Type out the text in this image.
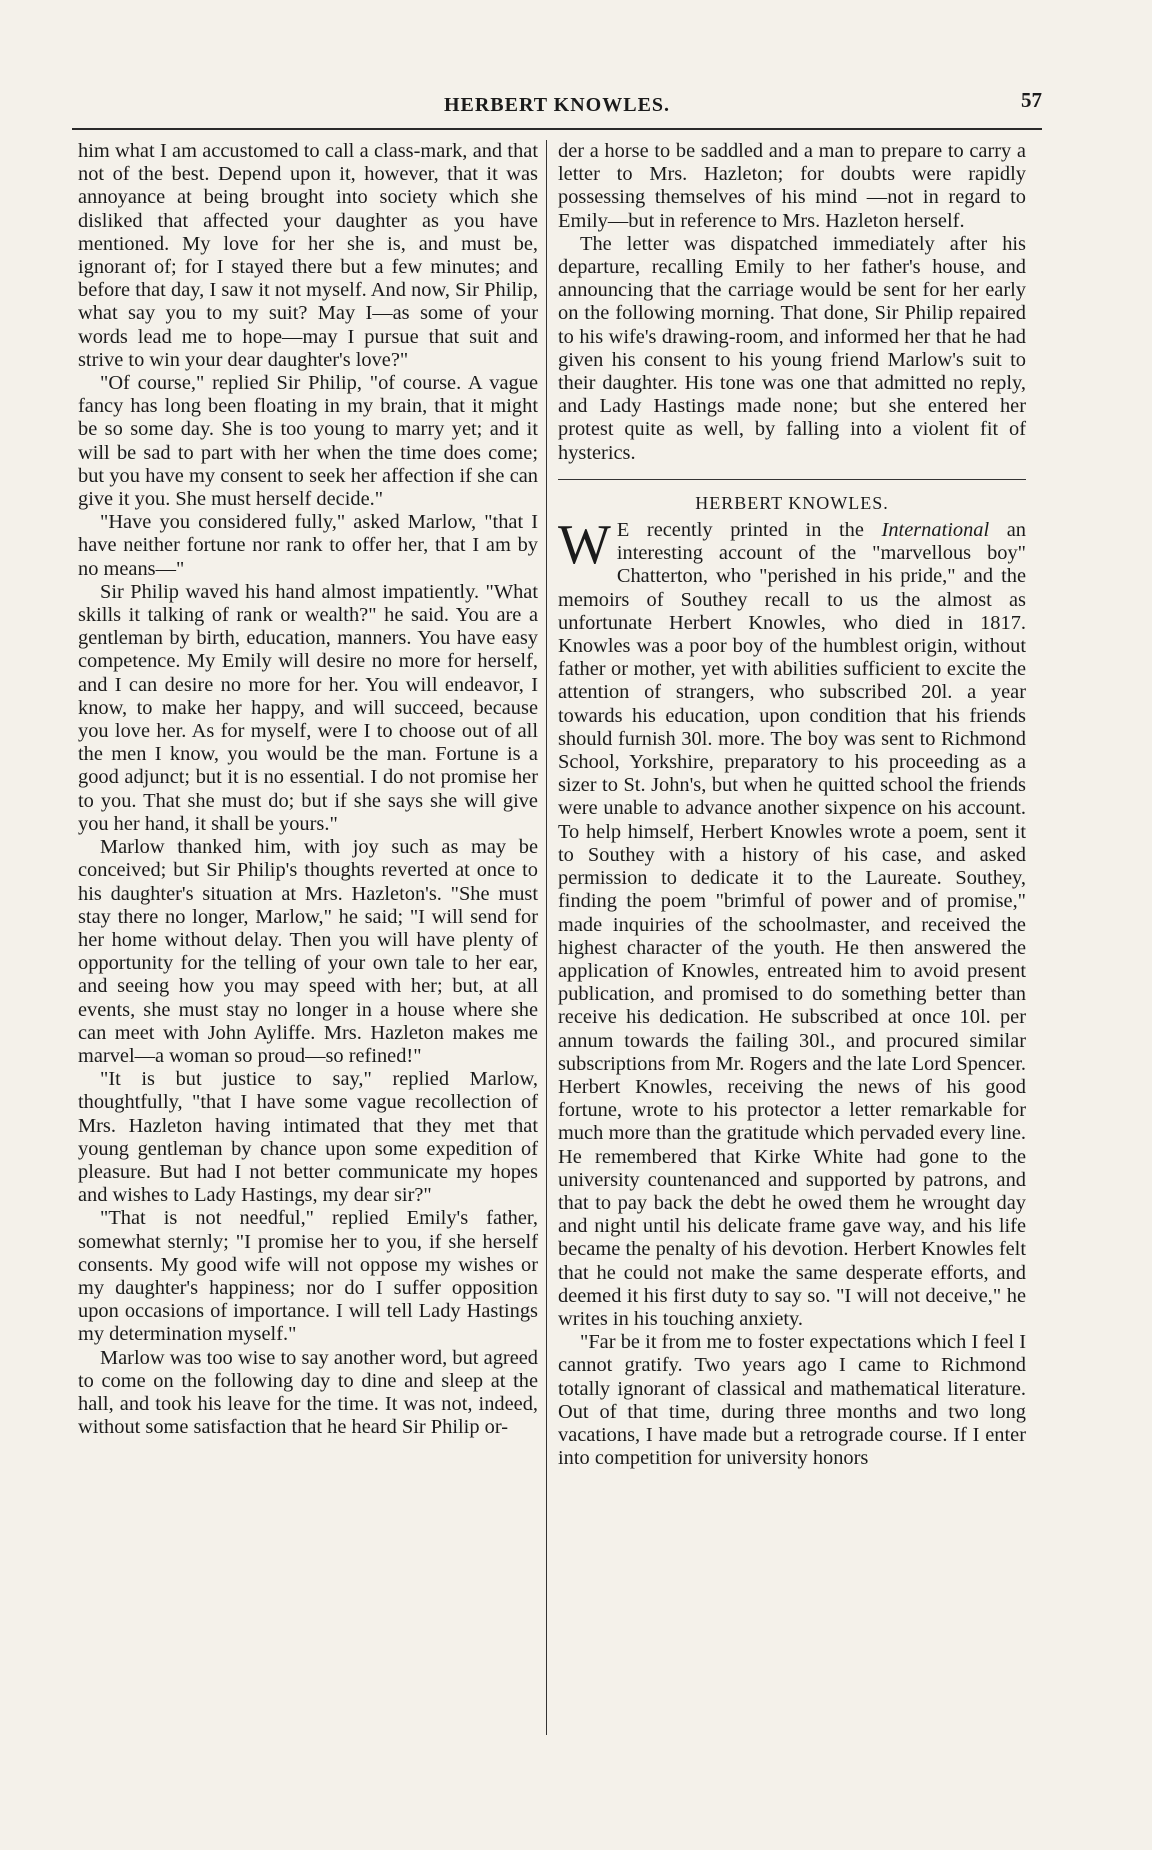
HERBERT KNOWLES.	57

him what I am accustomed to call a class-mark, and that not of the best. Depend upon it, however, that it was annoyance at being brought into society which she disliked that affected your daughter as you have mentioned. My love for her she is, and must be, ignorant of; for I stayed there but a few minutes; and before that day, I saw it not myself. And now, Sir Philip, what say you to my suit? May I—as some of your words lead me to hope—may I pursue that suit and strive to win your dear daughter's love?"

"Of course," replied Sir Philip, "of course. A vague fancy has long been floating in my brain, that it might be so some day. She is too young to marry yet; and it will be sad to part with her when the time does come; but you have my consent to seek her affection if she can give it you. She must herself decide."

"Have you considered fully," asked Marlow, "that I have neither fortune nor rank to offer her, that I am by no means—"

Sir Philip waved his hand almost impatiently. "What skills it talking of rank or wealth?" he said. You are a gentleman by birth, education, manners. You have easy competence. My Emily will desire no more for herself, and I can desire no more for her. You will endeavor, I know, to make her happy, and will succeed, because you love her. As for myself, were I to choose out of all the men I know, you would be the man. Fortune is a good adjunct; but it is no essential. I do not promise her to you. That she must do; but if she says she will give you her hand, it shall be yours."

Marlow thanked him, with joy such as may be conceived; but Sir Philip's thoughts reverted at once to his daughter's situation at Mrs. Hazleton's. "She must stay there no longer, Marlow," he said; "I will send for her home without delay. Then you will have plenty of opportunity for the telling of your own tale to her ear, and seeing how you may speed with her; but, at all events, she must stay no longer in a house where she can meet with John Ayliffe. Mrs. Hazleton makes me marvel—a woman so proud—so refined!"

"It is but justice to say," replied Marlow, thoughtfully, "that I have some vague recollection of Mrs. Hazleton having intimated that they met that young gentleman by chance upon some expedition of pleasure. But had I not better communicate my hopes and wishes to Lady Hastings, my dear sir?"

"That is not needful," replied Emily's father, somewhat sternly; "I promise her to you, if she herself consents. My good wife will not oppose my wishes or my daughter's happiness; nor do I suffer opposition upon occasions of importance. I will tell Lady Hastings my determination myself."

Marlow was too wise to say another word, but agreed to come on the following day to dine and sleep at the hall, and took his leave for the time. It was not, indeed, without some satisfaction that he heard Sir Philip or-

der a horse to be saddled and a man to prepare to carry a letter to Mrs. Hazleton; for doubts were rapidly possessing themselves of his mind —not in regard to Emily—but in reference to Mrs. Hazleton herself.

The letter was dispatched immediately after his departure, recalling Emily to her father's house, and announcing that the carriage would be sent for her early on the following morning. That done, Sir Philip repaired to his wife's drawing-room, and informed her that he had given his consent to his young friend Marlow's suit to their daughter. His tone was one that admitted no reply, and Lady Hastings made none; but she entered her protest quite as well, by falling into a violent fit of hysterics.

HERBERT KNOWLES.

W E recently printed in the International an interesting account of the "marvellous boy" Chatterton, who "perished in his pride," and the memoirs of Southey recall to us the almost as unfortunate Herbert Knowles, who died in 1817. Knowles was a poor boy of the humblest origin, without father or mother, yet with abilities sufficient to excite the attention of strangers, who subscribed 20l. a year towards his education, upon condition that his friends should furnish 30l. more. The boy was sent to Richmond School, Yorkshire, preparatory to his proceeding as a sizer to St. John's, but when he quitted school the friends were unable to advance another sixpence on his account. To help himself, Herbert Knowles wrote a poem, sent it to Southey with a history of his case, and asked permission to dedicate it to the Laureate. Southey, finding the poem "brimful of power and of promise," made inquiries of the schoolmaster, and received the highest character of the youth. He then answered the application of Knowles, entreated him to avoid present publication, and promised to do something better than receive his dedication. He subscribed at once 10l. per annum towards the failing 30l., and procured similar subscriptions from Mr. Rogers and the late Lord Spencer. Herbert Knowles, receiving the news of his good fortune, wrote to his protector a letter remarkable for much more than the gratitude which pervaded every line. He remembered that Kirke White had gone to the university countenanced and supported by patrons, and that to pay back the debt he owed them he wrought day and night until his delicate frame gave way, and his life became the penalty of his devotion. Herbert Knowles felt that he could not make the same desperate efforts, and deemed it his first duty to say so. "I will not deceive," he writes in his touching anxiety.

"Far be it from me to foster expectations which I feel I cannot gratify. Two years ago I came to Richmond totally ignorant of classical and mathematical literature. Out of that time, during three months and two long vacations, I have made but a retrograde course. If I enter into competition for university honors
